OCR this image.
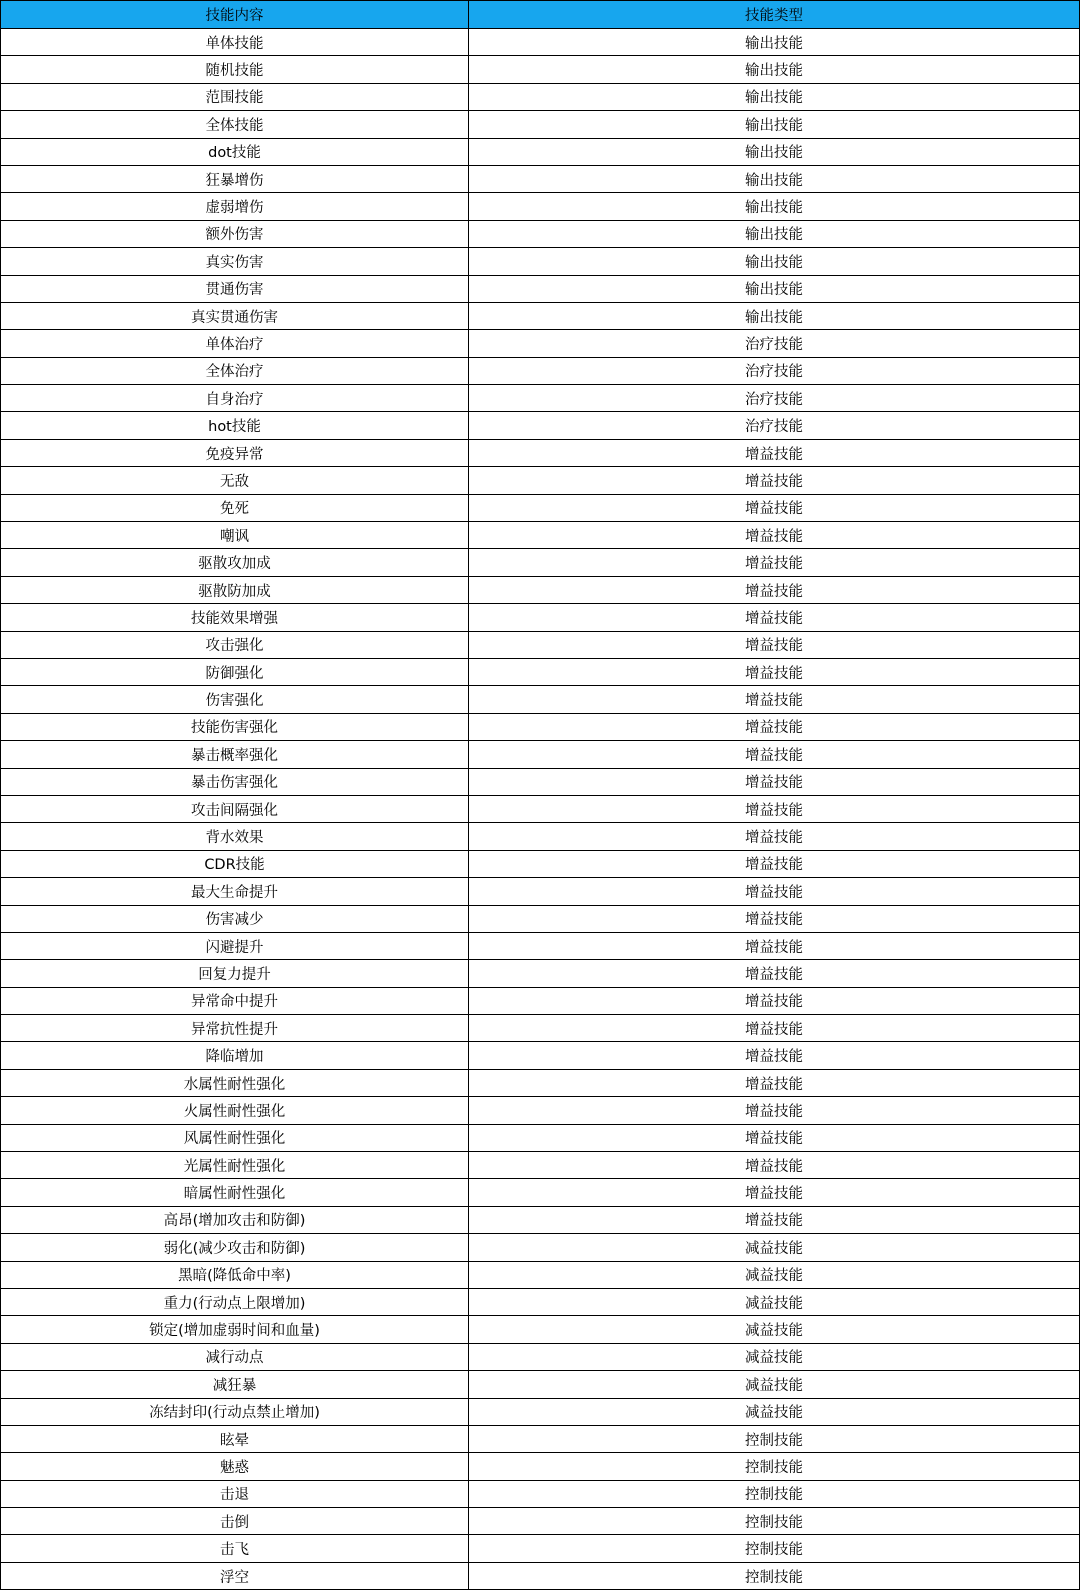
技能内容	技能类型
单体技能	输出技能
随机技能	输出技能
范围技能	输出技能
全体技能	输出技能
dot技能	输出技能
狂暴增伤	输出技能
虚弱增伤	输出技能
额外伤害	输出技能
真实伤害	输出技能
贯通伤害	输出技能
真实贯通伤害	输出技能
单体治疗	治疗技能
全体治疗	治疗技能
自身治疗	治疗技能
hot技能	治疗技能
免疫异常	增益技能
无敌	增益技能
免死	增益技能
嘲讽	增益技能
驱散攻加成	增益技能
驱散防加成	增益技能
技能效果增强	增益技能
攻击强化	增益技能
防御强化	增益技能
伤害强化	增益技能
技能伤害强化	增益技能
暴击概率强化	增益技能
暴击伤害强化	增益技能
攻击间隔强化	增益技能
背水效果	增益技能
CDR技能	增益技能
最大生命提升	增益技能
伤害减少	增益技能
闪避提升	增益技能
回复力提升	增益技能
异常命中提升	增益技能
异常抗性提升	增益技能
降临增加	增益技能
水属性耐性强化	增益技能
火属性耐性强化	增益技能
风属性耐性强化	增益技能
光属性耐性强化	增益技能
暗属性耐性强化	增益技能
高昂(增加攻击和防御)	增益技能
弱化(减少攻击和防御)	减益技能
黑暗(降低命中率)	减益技能
重力(行动点上限增加)	减益技能
锁定(增加虚弱时间和血量)	减益技能
减行动点	减益技能
减狂暴	减益技能
冻结封印(行动点禁止增加)	减益技能
眩晕	控制技能
魅惑	控制技能
击退	控制技能
击倒	控制技能
击飞	控制技能
浮空	控制技能
